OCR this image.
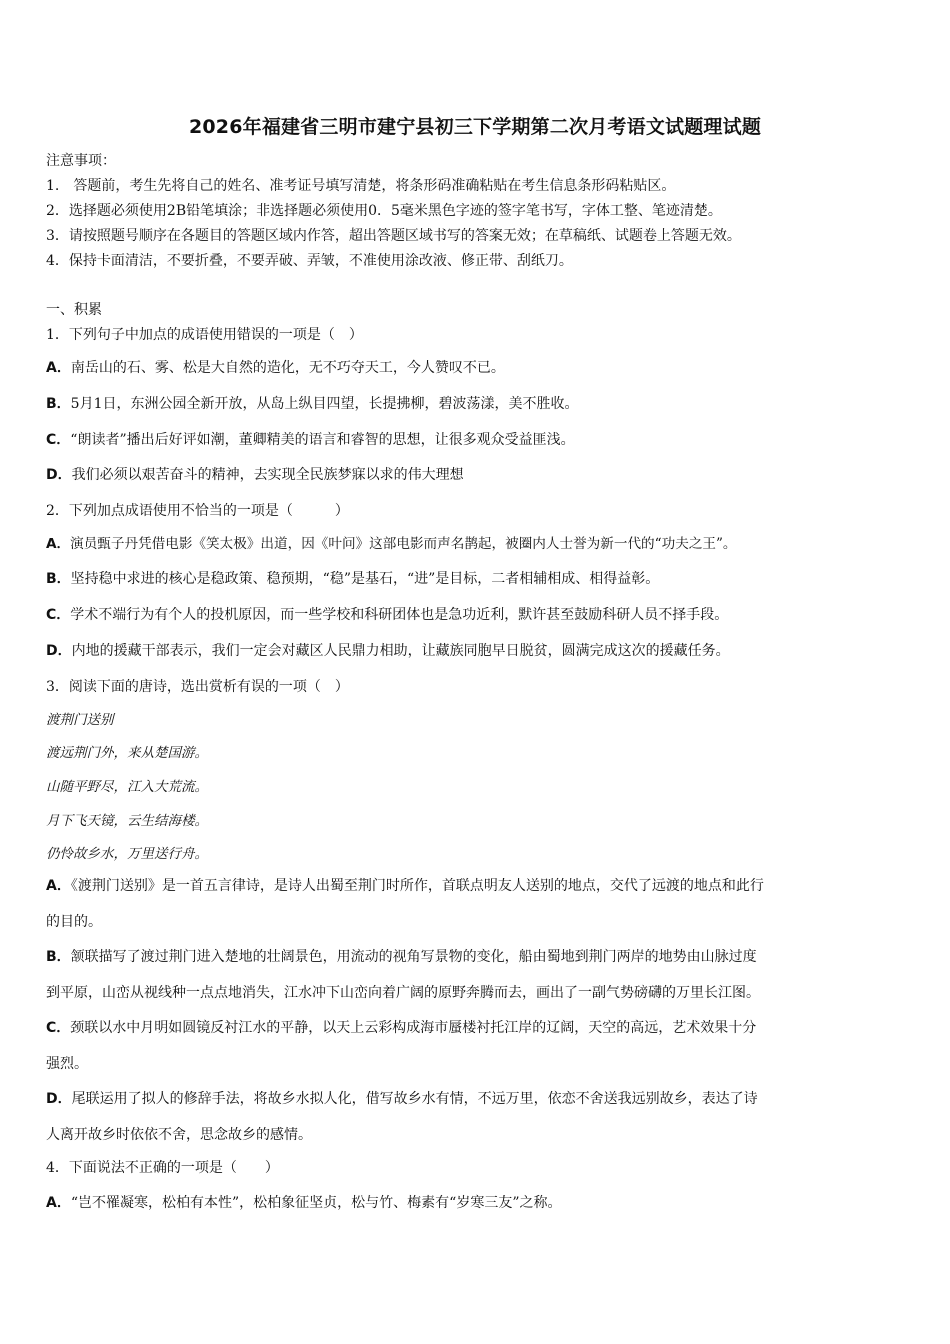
2026年福建省三明市建宁县初三下学期第二次月考语文试题理试题
注意事项：
1.　答题前，考生先将自己的姓名、准考证号填写清楚，将条形码准确粘贴在考生信息条形码粘贴区。
2．选择题必须使用2B铅笔填涂；非选择题必须使用0．5毫米黑色字迹的签字笔书写，字体工整、笔迹清楚。
3．请按照题号顺序在各题目的答题区域内作答，超出答题区域书写的答案无效；在草稿纸、试题卷上答题无效。
4．保持卡面清洁，不要折叠，不要弄破、弄皱，不准使用涂改液、修正带、刮纸刀。
一、积累
1．下列句子中加点的成语使用错误的一项是（　）
A．南岳山的石、雾、松是大自然的造化，无不巧夺天工，今人赞叹不已。
B．5月1日，东洲公园全新开放，从岛上纵目四望，长提拂柳，碧波荡漾，美不胜收。
C．“朗读者”播出后好评如潮，董卿精美的语言和睿智的思想，让很多观众受益匪浅。
D．我们必须以艰苦奋斗的精神，去实现全民族梦寐以求的伟大理想
2．下列加点成语使用不恰当的一项是（　　　）
A．演员甄子丹凭借电影《笑太极》出道，因《叶问》这部电影而声名鹊起，被圈内人士誉为新一代的“功夫之王”。
B．坚持稳中求进的核心是稳政策、稳预期，“稳”是基石，“进”是目标，二者相辅相成、相得益彰。
C．学术不端行为有个人的投机原因，而一些学校和科研团体也是急功近利，默许甚至鼓励科研人员不择手段。
D．内地的援藏干部表示，我们一定会对藏区人民鼎力相助，让藏族同胞早日脱贫，圆满完成这次的援藏任务。
3．阅读下面的唐诗，选出赏析有误的一项（　）
渡荆门送别
渡远荆门外，来从楚国游。
山随平野尽，江入大荒流。
月下飞天镜，云生结海楼。
仍怜故乡水，万里送行舟。
A．《渡荆门送别》是一首五言律诗，是诗人出蜀至荆门时所作，首联点明友人送别的地点，交代了远渡的地点和此行
的目的。
B．颔联描写了渡过荆门进入楚地的壮阔景色，用流动的视角写景物的变化，船由蜀地到荆门两岸的地势由山脉过度
到平原，山峦从视线种一点点地消失，江水冲下山峦向着广阔的原野奔腾而去，画出了一副气势磅礴的万里长江图。
C．颈联以水中月明如圆镜反衬江水的平静，以天上云彩构成海市蜃楼衬托江岸的辽阔，天空的高远，艺术效果十分
强烈。
D．尾联运用了拟人的修辞手法，将故乡水拟人化，借写故乡水有情，不远万里，依恋不舍送我远别故乡，表达了诗
人离开故乡时依依不舍，思念故乡的感情。
4．下面说法不正确的一项是（　　）
A．“岂不罹凝寒，松柏有本性”，松柏象征坚贞，松与竹、梅素有“岁寒三友”之称。
